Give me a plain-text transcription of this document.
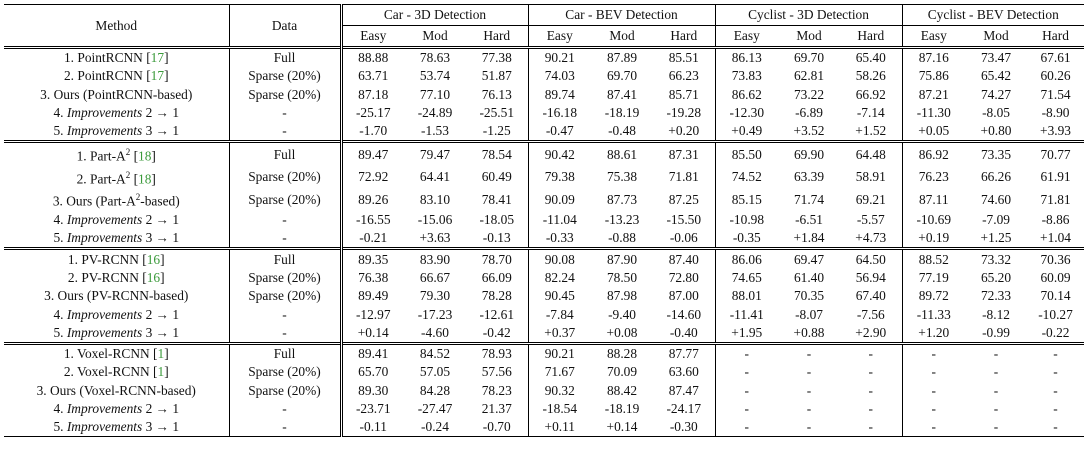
Method	Data	Car - 3D Detection			Car - BEV Detection			Cyclist - 3D Detection			Cyclist - BEV Detection		
		Easy	Mod	Hard	Easy	Mod	Hard	Easy	Mod	Hard	Easy	Mod	Hard
1. PointRCNN [17]	Full	88.88	78.63	77.38	90.21	87.89	85.51	86.13	69.70	65.40	87.16	73.47	67.61
2. PointRCNN [17]	Sparse (20%)	63.71	53.74	51.87	74.03	69.70	66.23	73.83	62.81	58.26	75.86	65.42	60.26
3. Ours (PointRCNN-based)	Sparse (20%)	87.18	77.10	76.13	89.74	87.41	85.71	86.62	73.22	66.92	87.21	74.27	71.54
4. Improvements 2 → 1	-	-25.17	-24.89	-25.51	-16.18	-18.19	-19.28	-12.30	-6.89	-7.14	-11.30	-8.05	-8.90
5. Improvements 3 → 1	-	-1.70	-1.53	-1.25	-0.47	-0.48	+0.20	+0.49	+3.52	+1.52	+0.05	+0.80	+3.93
1. Part-$A^2$ [18]	Full	89.47	79.47	78.54	90.42	88.61	87.31	85.50	69.90	64.48	86.92	73.35	70.77
2. Part-$A^2$ [18]	Sparse (20%)	72.92	64.41	60.49	79.38	75.38	71.81	74.52	63.39	58.91	76.23	66.26	61.91
3. Ours $(Part-A^2-based)$	Sparse (20%)	89.26	83.10	78.41	90.09	87.73	87.25	85.15	71.74	69.21	87.11	74.60	71.81
4. Improvements 2 → 1	-	-16.55	-15.06	-18.05	-11.04	-13.23	-15.50	-10.98	-6.51	-5.57	-10.69	-7.09	-8.86
5. Improvements 3 → 1	-	-0.21	+3.63	-0.13	-0.33	-0.88	-0.06	-0.35	+1.84	+4.73	+0.19	+1.25	+1.04
1. PV-RCNN [16]	Full	89.35	83.90	78.70	90.08	87.90	87.40	86.06	69.47	64.50	88.52	73.32	70.36
2. PV-RCNN [16]	Sparse (20%)	76.38	66.67	66.09	82.24	78.50	72.80	74.65	61.40	56.94	77.19	65.20	60.09
3. Ours (PV-RCNN-based)	Sparse (20%)	89.49	79.30	78.28	90.45	87.98	87.00	88.01	70.35	67.40	89.72	72.33	70.14
4. Improvements 2 → 1	-	-12.97	-17.23	-12.61	-7.84	-9.40	-14.60	-11.41	-8.07	-7.56	-11.33	-8.12	-10.27
5. Improvements 3 → 1	-	+0.14	-4.60	-0.42	+0.37	+0.08	-0.40	+1.95	+0.88	+2.90	+1.20	-0.99	-0.22
1. Voxel-RCNN [1]	Full	89.41	84.52	78.93	90.21	88.28	87.77	-	-	-	-	-	-
2. Voxel-RCNN [1]	Sparse (20%)	65.70	57.05	57.56	71.67	70.09	63.60	-	-	-	-	-	-
3. Ours (Voxel-RCNN-based)	Sparse (20%)	89.30	84.28	78.23	90.32	88.42	87.47	-	-	-	-	-	-
4. Improvements 2 → 1	-	-23.71	-27.47	21.37	-18.54	-18.19	-24.17	-	-	-	-	-	-
5. Improvements 3 → 1	-	-0.11	-0.24	-0.70	+0.11	+0.14	-0.30	-	-	-	-	-	-
